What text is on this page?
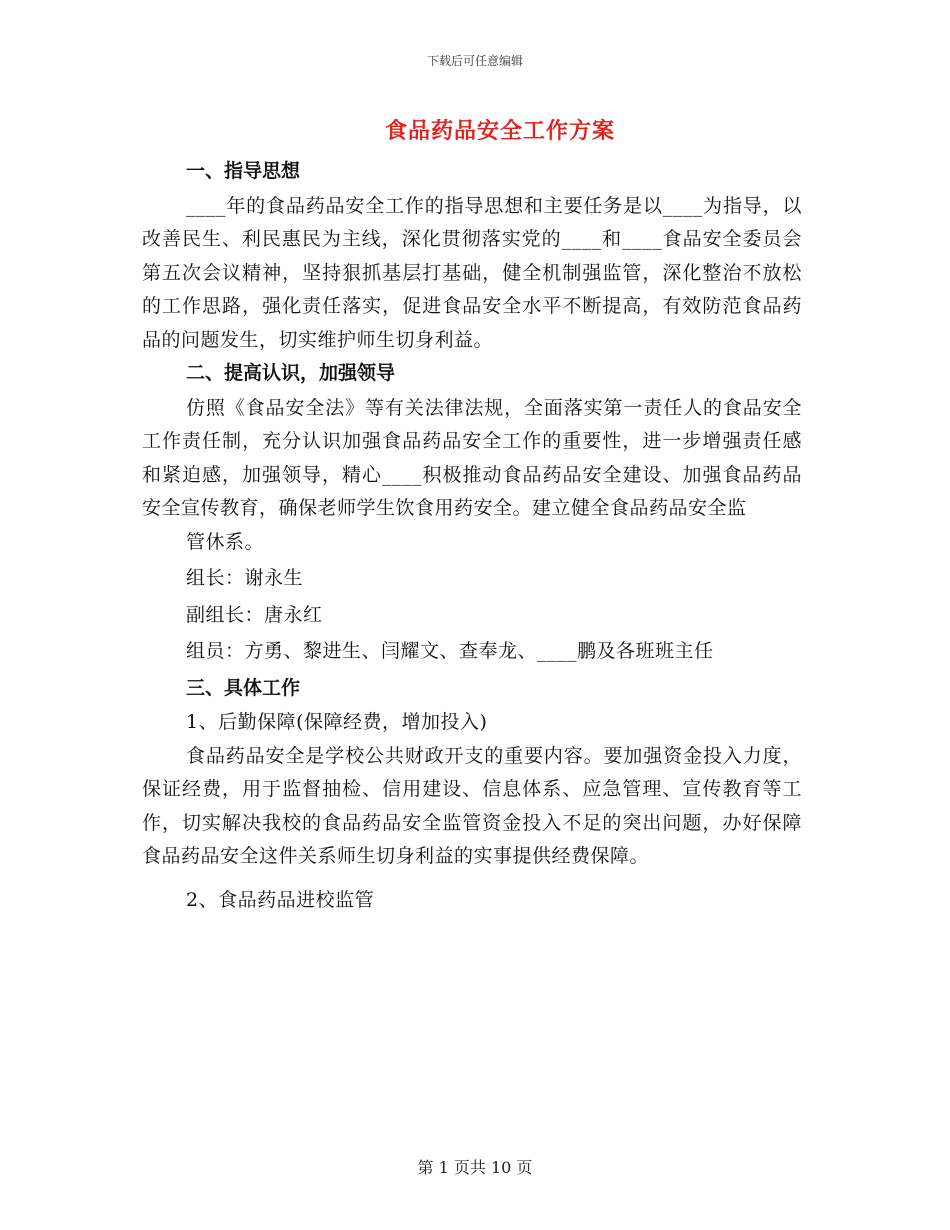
下载后可任意编辑
食品药品安全工作方案
一、指导思想

____年的食品药品安全工作的指导思想和主要任务是以____为指导，以改善民生、利民惠民为主线，深化贯彻落实党的____和____食品安全委员会第五次会议精神，坚持狠抓基层打基础，健全机制强监管，深化整治不放松的工作思路，强化责任落实，促进食品安全水平不断提高，有效防范食品药品的问题发生，切实维护师生切身利益。

二、提高认识，加强领导

仿照《食品安全法》等有关法律法规，全面落实第一责任人的食品安全工作责任制，充分认识加强食品药品安全工作的重要性，进一步增强责任感和紧迫感，加强领导，精心____积极推动食品药品安全建设、加强食品药品安全宣传教育，确保老师学生饮食用药安全。建立健全食品药品安全监

管休系。
组长：谢永生
副组长：唐永红
组员：方勇、黎进生、闫耀文、查奉龙、____鹏及各班班主任
三、具体工作
1、后勤保障(保障经费，增加投入)

食品药品安全是学校公共财政开支的重要内容。要加强资金投入力度，保证经费，用于监督抽检、信用建设、信息体系、应急管理、宣传教育等工作，切实解决我校的食品药品安全监管资金投入不足的突出问题，办好保障食品药品安全这件关系师生切身利益的实事提供经费保障。

2、食品药品进校监管
第 1 页共 10 页
